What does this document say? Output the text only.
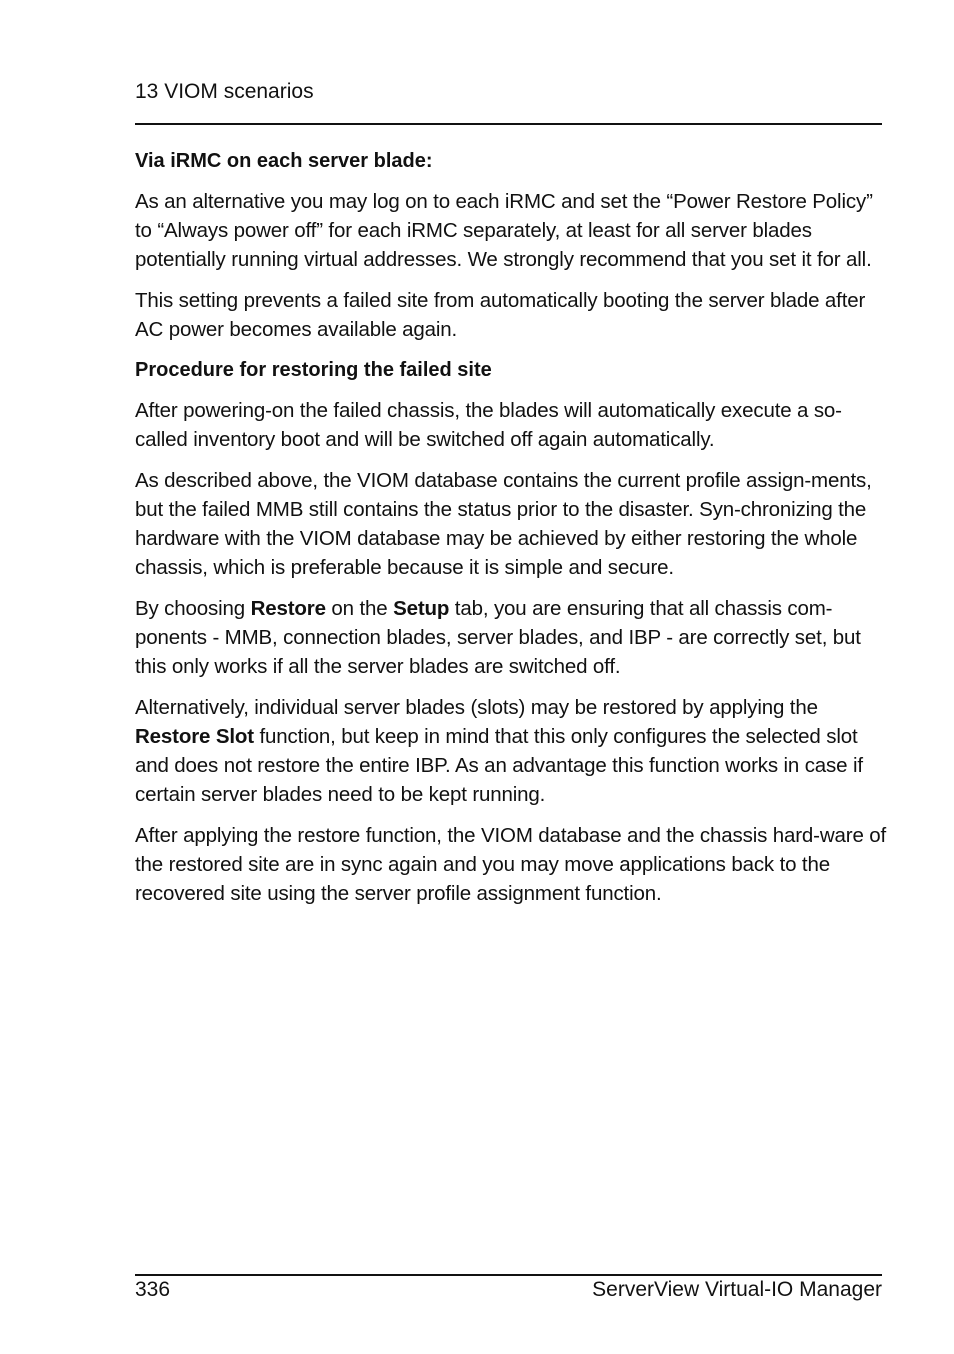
13 VIOM scenarios
Via iRMC on each server blade:

As an alternative you may log on to each iRMC and set the “Power Restore Policy” to “Always power off” for each iRMC separately, at least for all server blades potentially running virtual addresses. We strongly recommend that you set it for all.

This setting prevents a failed site from automatically booting the server blade after AC power becomes available again.

Procedure for restoring the failed site

After powering-on the failed chassis, the blades will automatically execute a so-called inventory boot and will be switched off again automatically.

As described above, the VIOM database contains the current profile assign-ments, but the failed MMB still contains the status prior to the disaster. Syn-chronizing the hardware with the VIOM database may be achieved by either restoring the whole chassis, which is preferable because it is simple and secure.

By choosing Restore on the Setup tab, you are ensuring that all chassis com-ponents - MMB, connection blades, server blades, and IBP - are correctly set, but this only works if all the server blades are switched off.

Alternatively, individual server blades (slots) may be restored by applying the Restore Slot function, but keep in mind that this only configures the selected slot and does not restore the entire IBP. As an advantage this function works in case if certain server blades need to be kept running.

After applying the restore function, the VIOM database and the chassis hard-ware of the restored site are in sync again and you may move applications back to the recovered site using the server profile assignment function.

336	ServerView Virtual-IO Manager
